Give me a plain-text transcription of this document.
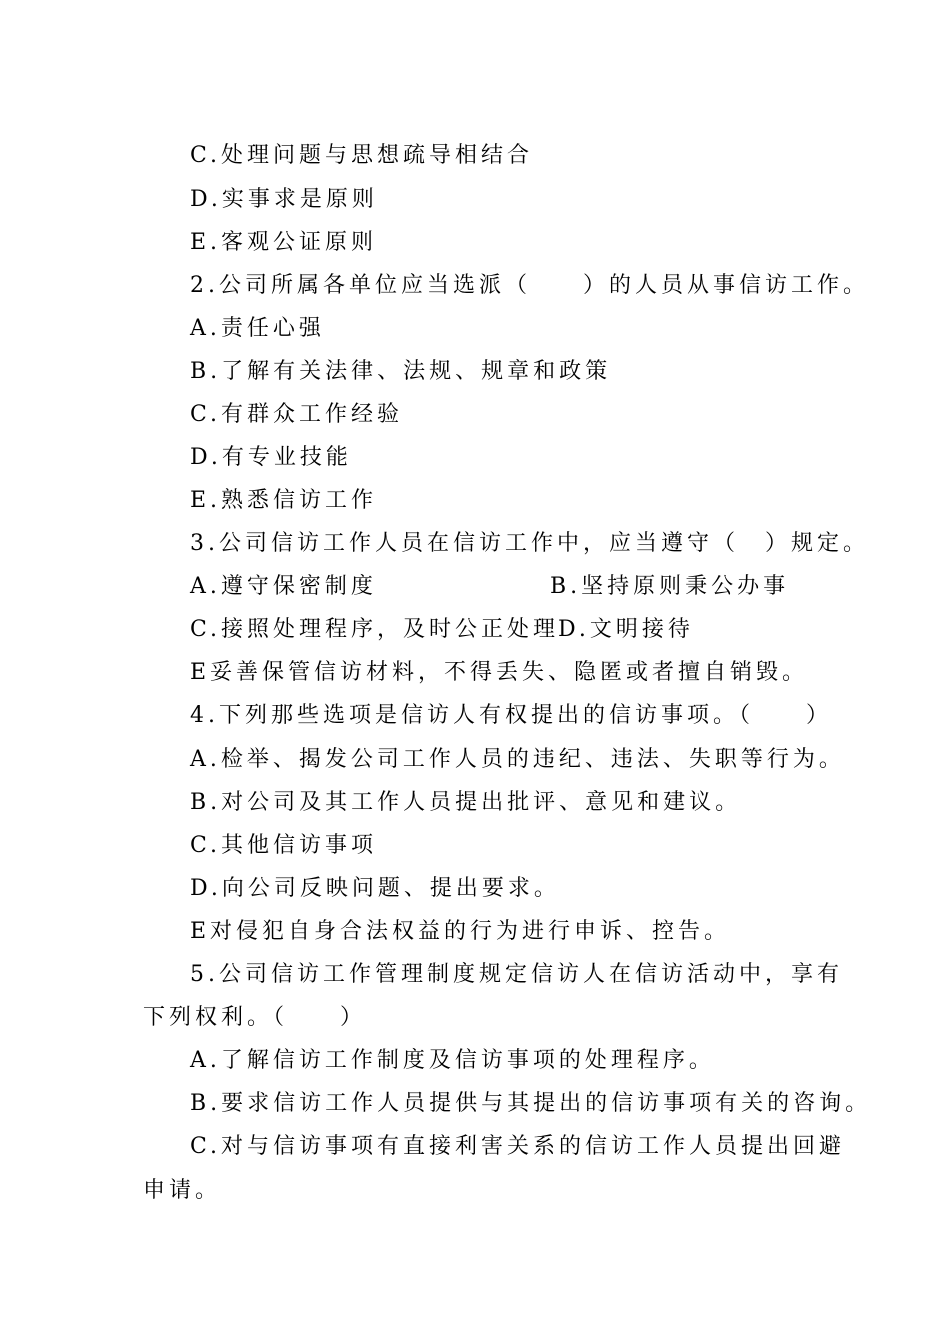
C.处理问题与思想疏导相结合
D.实事求是原则
E.客观公证原则
2.公司所属各单位应当选派（　　）的人员从事信访工作。
A.责任心强
B.了解有关法律、法规、规章和政策
C.有群众工作经验
D.有专业技能
E.熟悉信访工作
3.公司信访工作人员在信访工作中，应当遵守（　）规定。
A.遵守保密制度	B.坚持原则秉公办事
C.接照处理程序，及时公正处理
D.文明接待
E妥善保管信访材料，不得丢失、隐匿或者擅自销毁。
4.下列那些选项是信访人有权提出的信访事项。（　　）
A.检举、揭发公司工作人员的违纪、违法、失职等行为。
B.对公司及其工作人员提出批评、意见和建议。
C.其他信访事项
D.向公司反映问题、提出要求。
E对侵犯自身合法权益的行为进行申诉、控告。
5.公司信访工作管理制度规定信访人在信访活动中，享有
下列权利。（　　）
A.了解信访工作制度及信访事项的处理程序。
B.要求信访工作人员提供与其提出的信访事项有关的咨询。
C.对与信访事项有直接利害关系的信访工作人员提出回避
申请。
